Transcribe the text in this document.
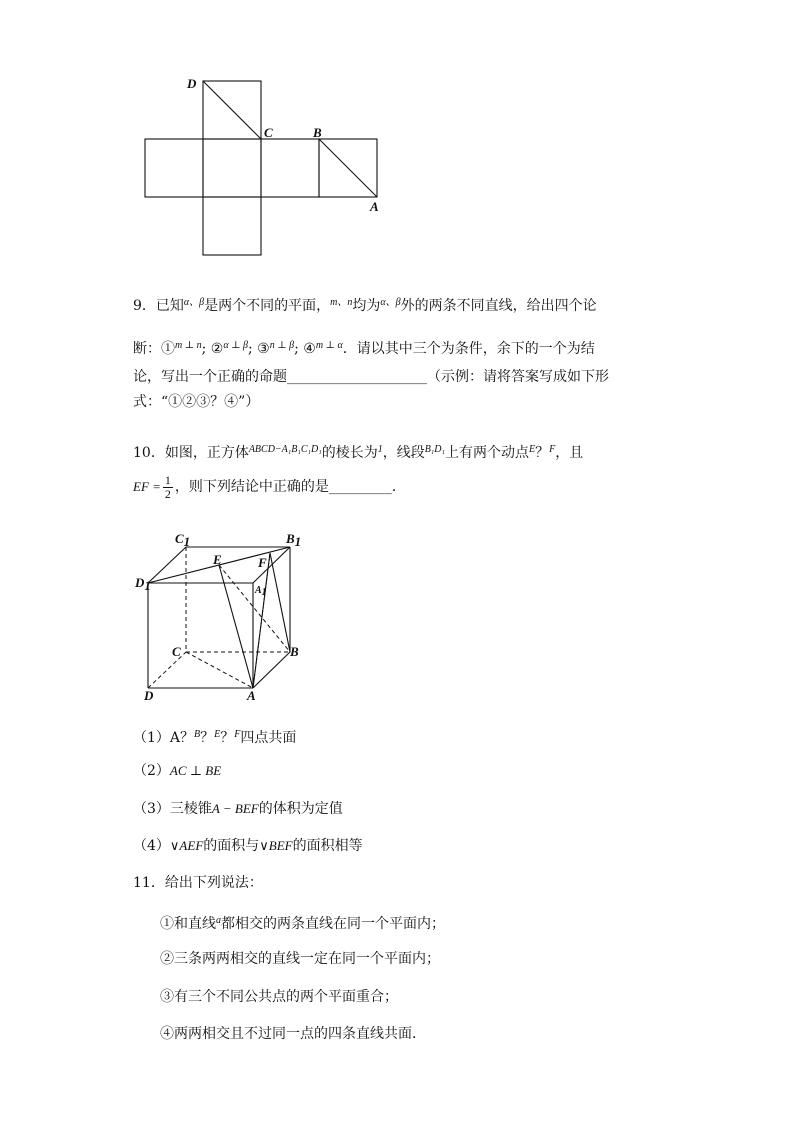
D
C	B
A
9．已知$^{\alpha、\beta}$是两个不同的平面，$^{m、n}$均为$^{\alpha、\beta}$外的两条不同直线，给出四个论
断：①$^{m \perp n}$; ②$^{\alpha \perp \beta}$; ③$^{n \perp \beta}$; ④$^{m \perp \alpha}$．请以其中三个为条件，余下的一个为结
论，写出一个正确的命题____________________（示例：请将答案写成如下形
式：“①②③？④”）
10．如图，正方体$^{ABCD-A_1B_1C_1D_1}$的棱长为$^1$，线段$^{B_1D_1}$上有两个动点$^E$？$^F$，且
EF = $\frac{1}{2}$ ，则下列结论中正确的是_________．
C1	B1
D1	A1
E	F
C	B
D	A
（1）A？$^B$？$^E$？$^F$四点共面
（2）AC ⊥ BE
（3）三棱锥A − BEF的体积为定值
（4）∨AEF的面积与∨BEF的面积相等
11．给出下列说法：
①和直线$^a$都相交的两条直线在同一个平面内；
②三条两两相交的直线一定在同一个平面内；
③有三个不同公共点的两个平面重合；
④两两相交且不过同一点的四条直线共面．
